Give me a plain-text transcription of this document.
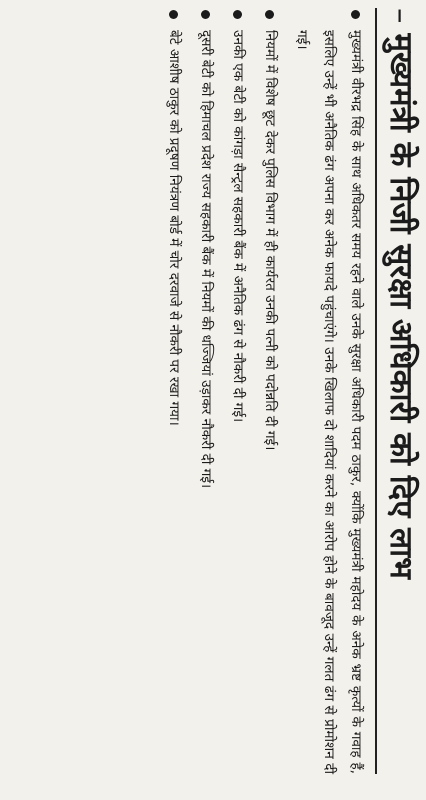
–मुख्यमंत्री के निजी सुरक्षा अधिकारी को दिए लाभ
मुख्यमंत्री वीरभद्र सिंह के साथ अधिकतर समय रहने वाले उनके सुरक्षा अधिकारी पदम ठाकुर, क्योंकि मुख्यमंत्री महोदय के अनेक भ्रष्ट कृत्यों के गवाह हैं, इसलिए उन्हें भी अनैतिक ढंग अपना कर अनेक फायदे पहुंचाएंगे। उनके खिलाफ दो शादियां करने का आरोप होने के बावजूद उन्हें गलत ढंग से प्रोमोशन दी गई।
नियमों में विशेष छूट देकर पुलिस विभाग में ही कार्यरत उनकी पत्नी को पदोन्नति दी गई।
उनकी एक बेटी को कांगड़ा सैन्ट्रल सहकारी बैंक में अनैतिक ढंग से नौकरी दी गई।
दूसरी बेटी को हिमाचल प्रदेश राज्य सहकारी बैंक में नियमों की धज्जियां उड़ाकर नौकरी दी गई।
बेटे आशीष ठाकुर को प्रदूषण नियंत्रण बोर्ड में चोर दरवाजे से नौकरी पर रखा गया।
